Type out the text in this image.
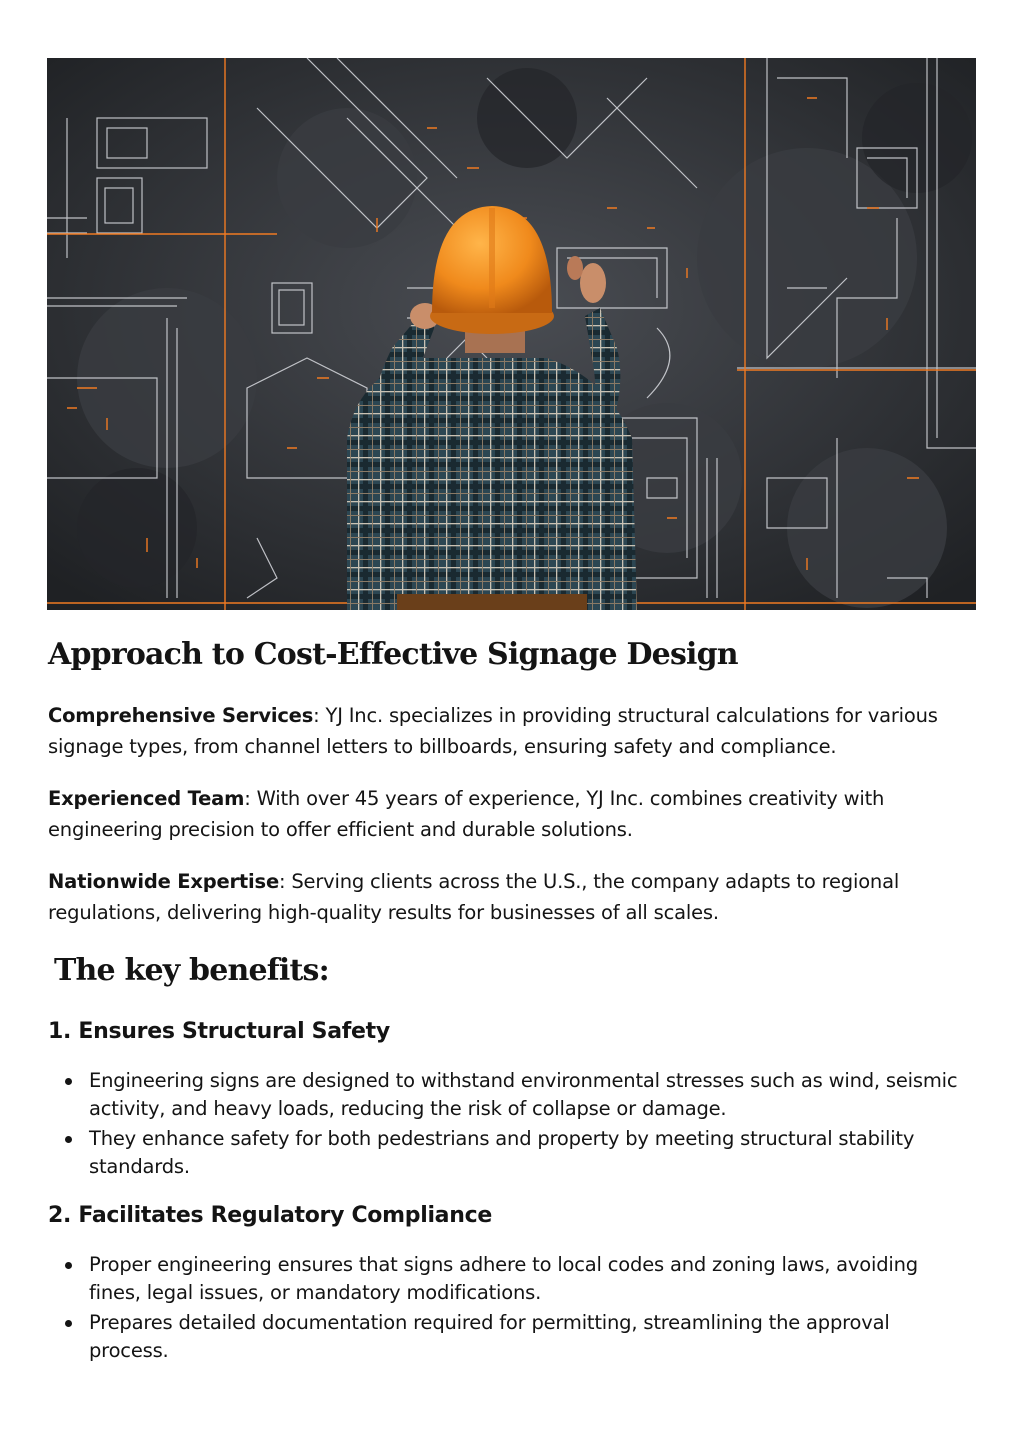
Approach to Cost-Effective Signage Design

Comprehensive Services: YJ Inc. specializes in providing structural calculations for various signage types, from channel letters to billboards, ensuring safety and compliance.

Experienced Team: With over 45 years of experience, YJ Inc. combines creativity with engineering precision to offer efficient and durable solutions.

Nationwide Expertise: Serving clients across the U.S., the company adapts to regional regulations, delivering high-quality results for businesses of all scales.

The key benefits:
1. Ensures Structural Safety
Engineering signs are designed to withstand environmental stresses such as wind, seismic activity, and heavy loads, reducing the risk of collapse or damage.
They enhance safety for both pedestrians and property by meeting structural stability standards.
2. Facilitates Regulatory Compliance
Proper engineering ensures that signs adhere to local codes and zoning laws, avoiding fines, legal issues, or mandatory modifications.
Prepares detailed documentation required for permitting, streamlining the approval process.
